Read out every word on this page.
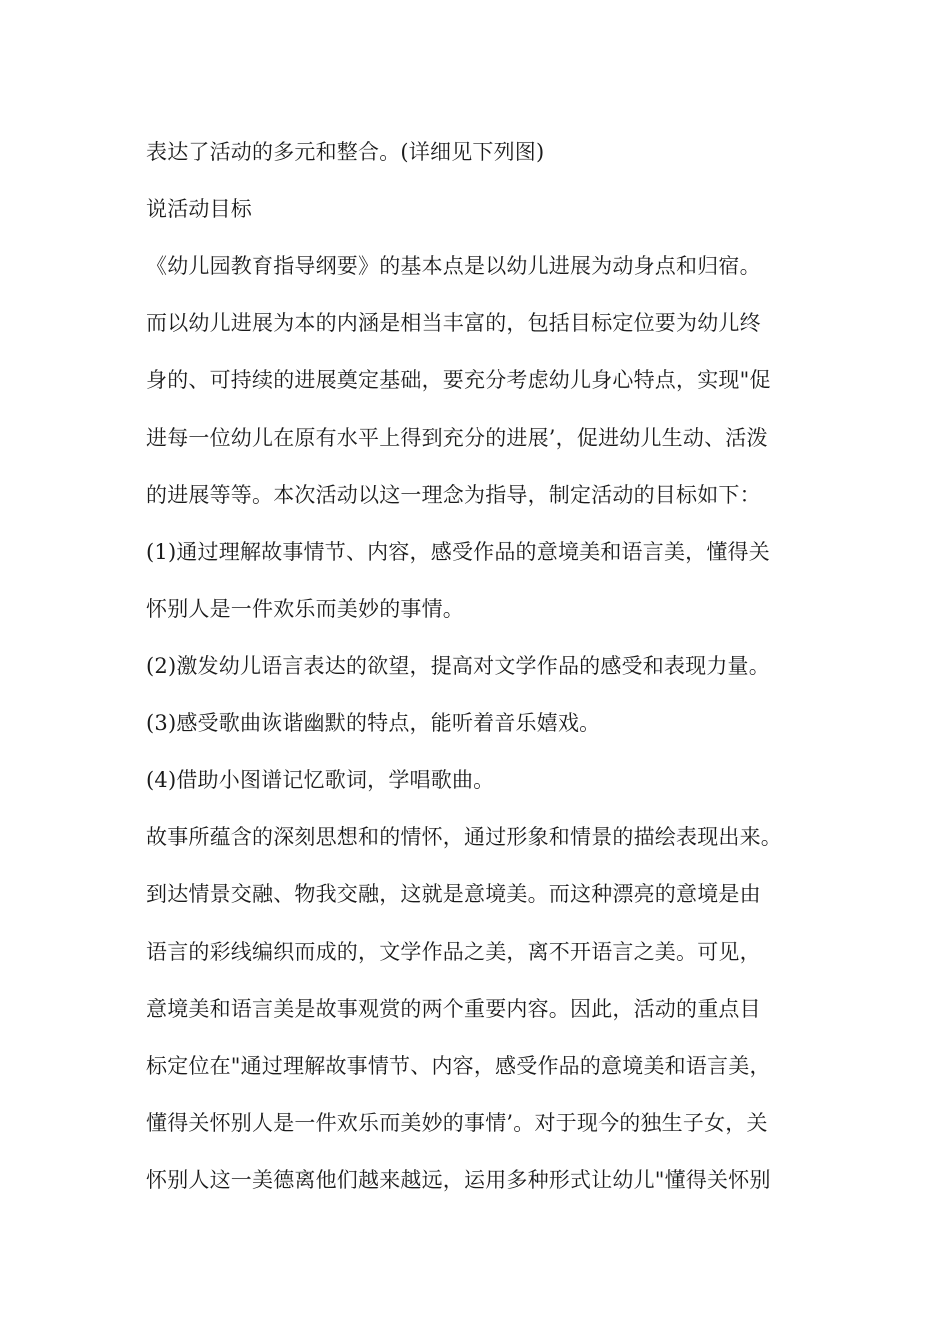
表达了活动的多元和整合。(详细见下列图)

说活动目标

《幼儿园教育指导纲要》的基本点是以幼儿进展为动身点和归宿。

而以幼儿进展为本的内涵是相当丰富的，包括目标定位要为幼儿终

身的、可持续的进展奠定基础，要充分考虑幼儿身心特点，实现"促

进每一位幼儿在原有水平上得到充分的进展’，促进幼儿生动、活泼

的进展等等。本次活动以这一理念为指导，制定活动的目标如下：

(1)通过理解故事情节、内容，感受作品的意境美和语言美，懂得关

怀别人是一件欢乐而美妙的事情。

(2)激发幼儿语言表达的欲望，提高对文学作品的感受和表现力量。

(3)感受歌曲诙谐幽默的特点，能听着音乐嬉戏。

(4)借助小图谱记忆歌词，学唱歌曲。

故事所蕴含的深刻思想和的情怀，通过形象和情景的描绘表现出来。

到达情景交融、物我交融，这就是意境美。而这种漂亮的意境是由

语言的彩线编织而成的，文学作品之美，离不开语言之美。可见，

意境美和语言美是故事观赏的两个重要内容。因此，活动的重点目

标定位在"通过理解故事情节、内容，感受作品的意境美和语言美，

懂得关怀别人是一件欢乐而美妙的事情’。对于现今的独生子女，关

怀别人这一美德离他们越来越远，运用多种形式让幼儿"懂得关怀别
